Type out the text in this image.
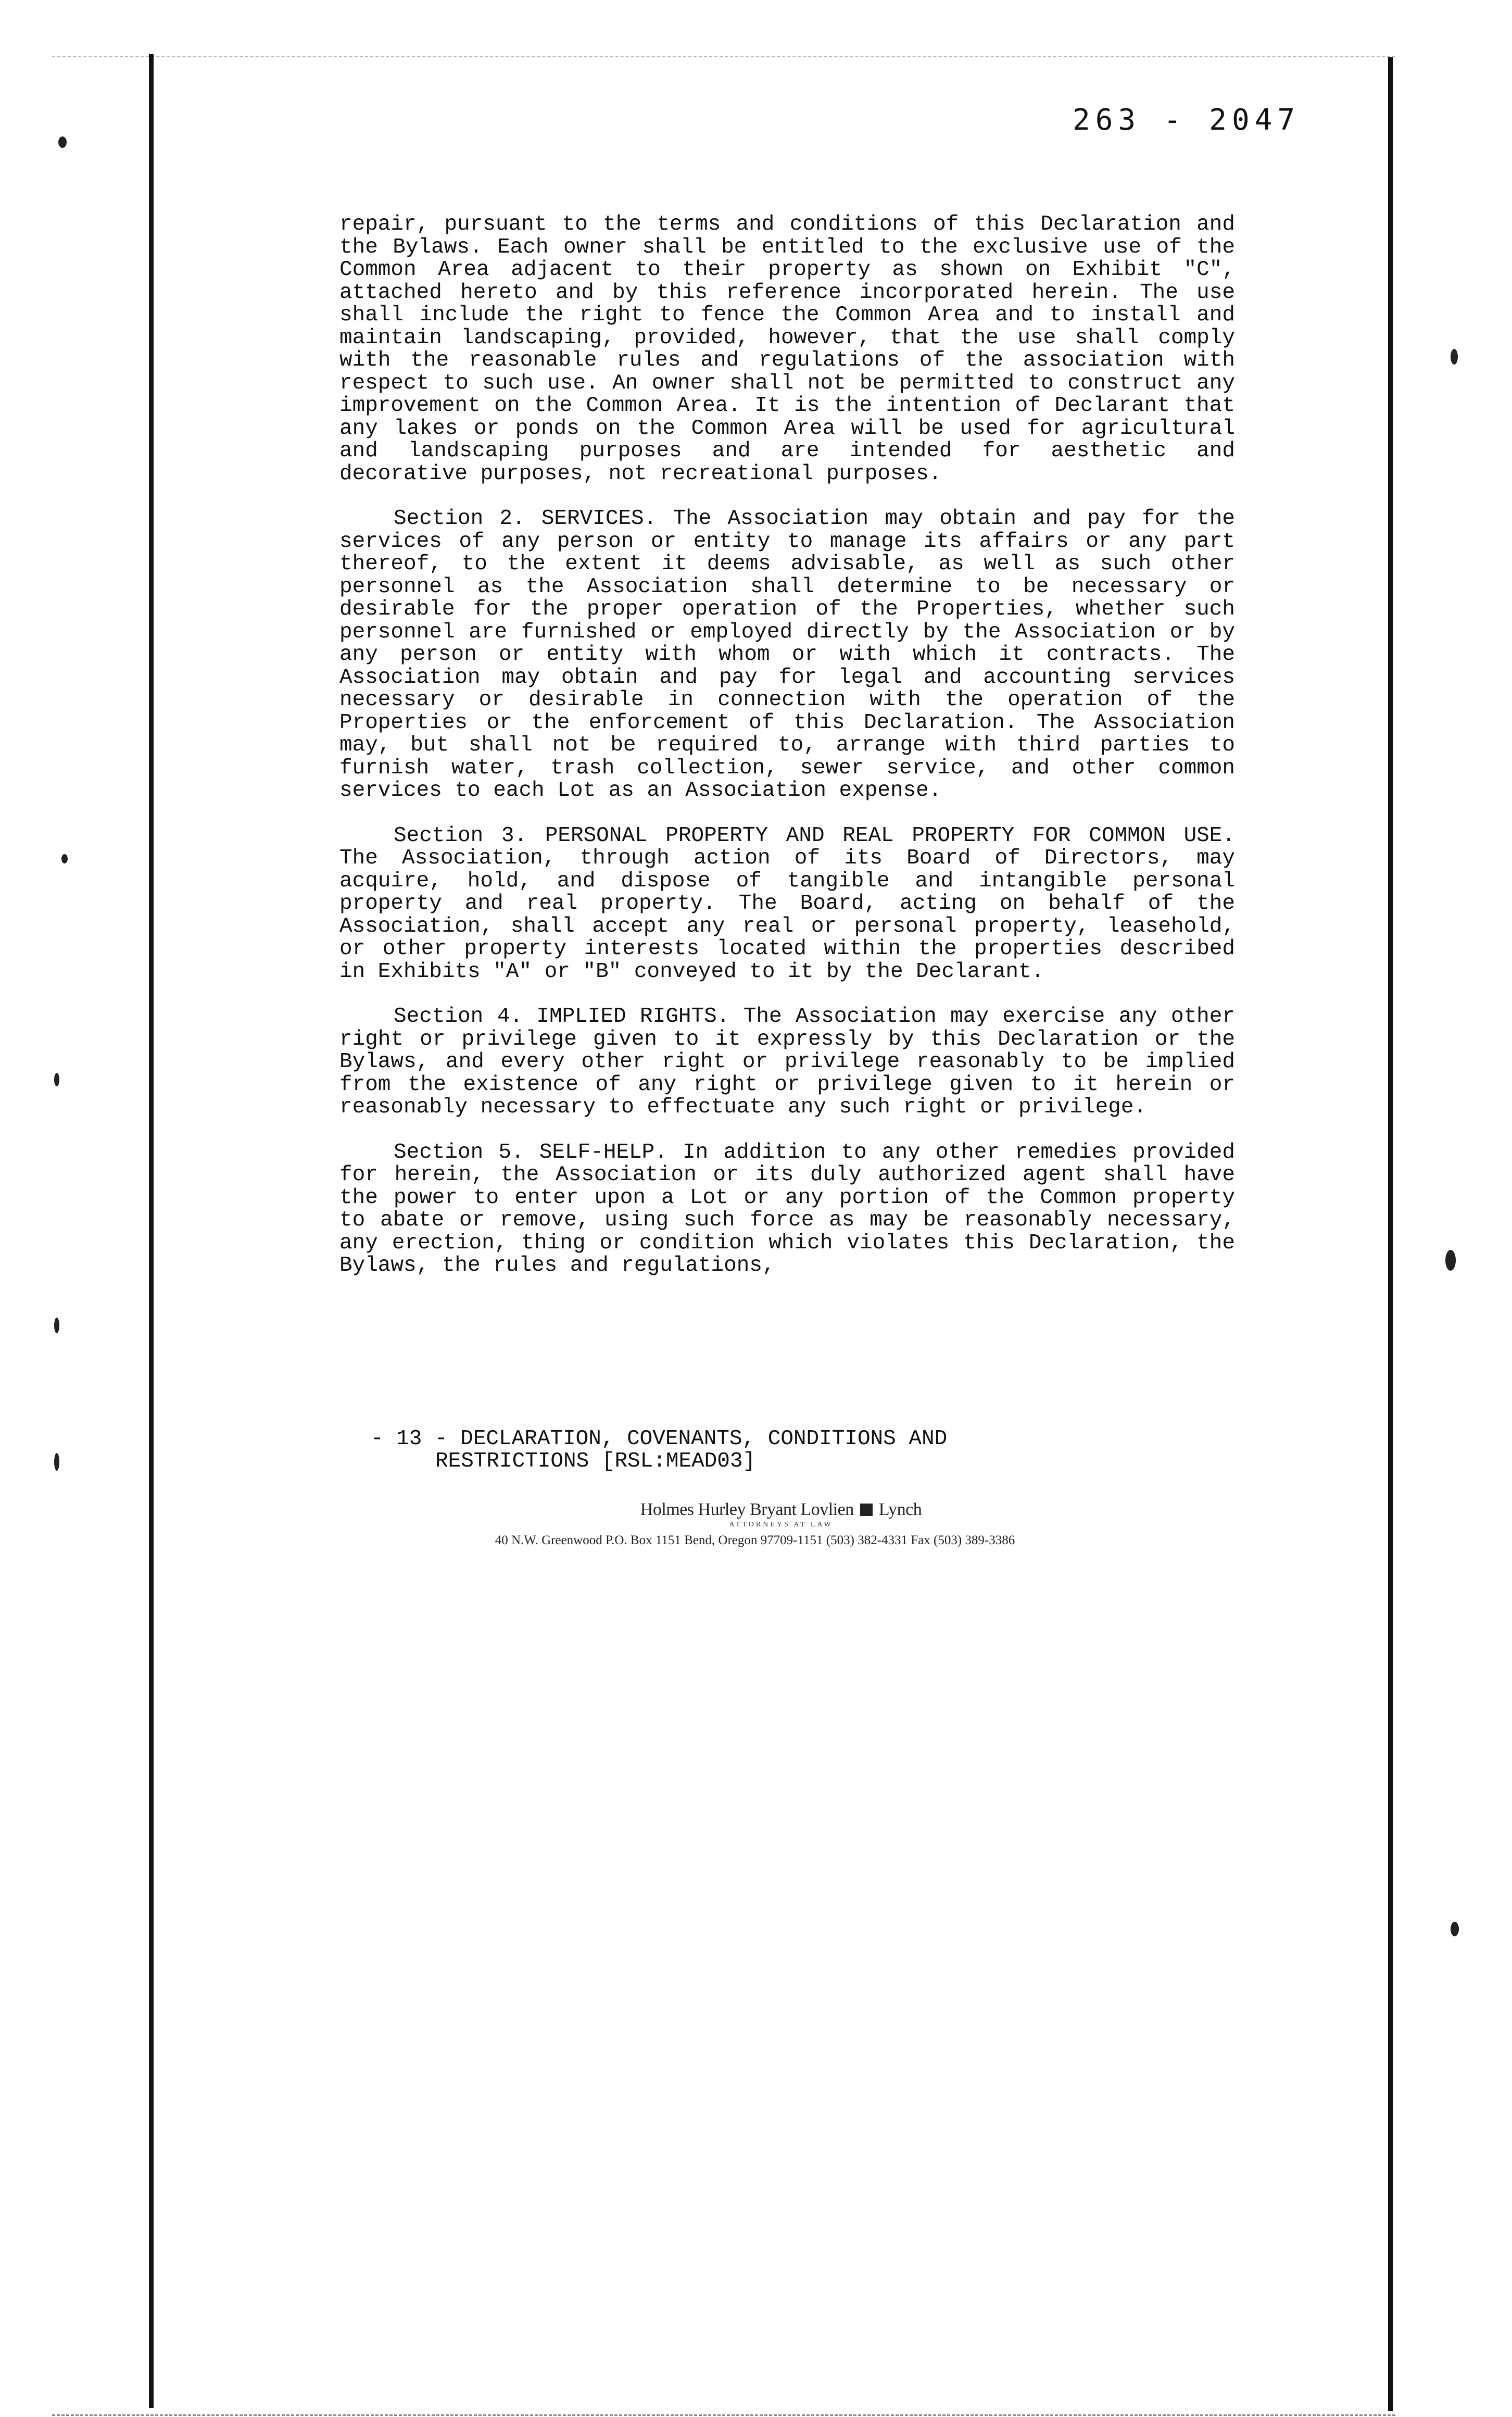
263 - 2047

repair, pursuant to the terms and conditions of this Declaration and the Bylaws. Each owner shall be entitled to the exclusive use of the Common Area adjacent to their property as shown on Exhibit "C", attached hereto and by this reference incorporated herein. The use shall include the right to fence the Common Area and to install and maintain landscaping, provided, however, that the use shall comply with the reasonable rules and regulations of the association with respect to such use. An owner shall not be permitted to construct any improvement on the Common Area. It is the intention of Declarant that any lakes or ponds on the Common Area will be used for agricultural and landscaping purposes and are intended for aesthetic and decorative purposes, not recreational purposes.

Section 2. SERVICES. The Association may obtain and pay for the services of any person or entity to manage its affairs or any part thereof, to the extent it deems advisable, as well as such other personnel as the Association shall determine to be necessary or desirable for the proper operation of the Properties, whether such personnel are furnished or employed directly by the Association or by any person or entity with whom or with which it contracts. The Association may obtain and pay for legal and accounting services necessary or desirable in connection with the operation of the Properties or the enforcement of this Declaration. The Association may, but shall not be required to, arrange with third parties to furnish water, trash collection, sewer service, and other common services to each Lot as an Association expense.

Section 3. PERSONAL PROPERTY AND REAL PROPERTY FOR COMMON USE. The Association, through action of its Board of Directors, may acquire, hold, and dispose of tangible and intangible personal property and real property. The Board, acting on behalf of the Association, shall accept any real or personal property, leasehold, or other property interests located within the properties described in Exhibits "A" or "B" conveyed to it by the Declarant.

Section 4. IMPLIED RIGHTS. The Association may exercise any other right or privilege given to it expressly by this Declaration or the Bylaws, and every other right or privilege reasonably to be implied from the existence of any right or privilege given to it herein or reasonably necessary to effectuate any such right or privilege.

Section 5. SELF-HELP. In addition to any other remedies provided for herein, the Association or its duly authorized agent shall have the power to enter upon a Lot or any portion of the Common property to abate or remove, using such force as may be reasonably necessary, any erection, thing or condition which violates this Declaration, the Bylaws, the rules and regulations,

- 13 - DECLARATION, COVENANTS, CONDITIONS AND
RESTRICTIONS [RSL:MEAD03]
Holmes Hurley Bryant Lovlien Lynch
ATTORNEYS AT LAW
40 N.W. Greenwood P.O. Box 1151 Bend, Oregon 97709-1151 (503) 382-4331 Fax (503) 389-3386
